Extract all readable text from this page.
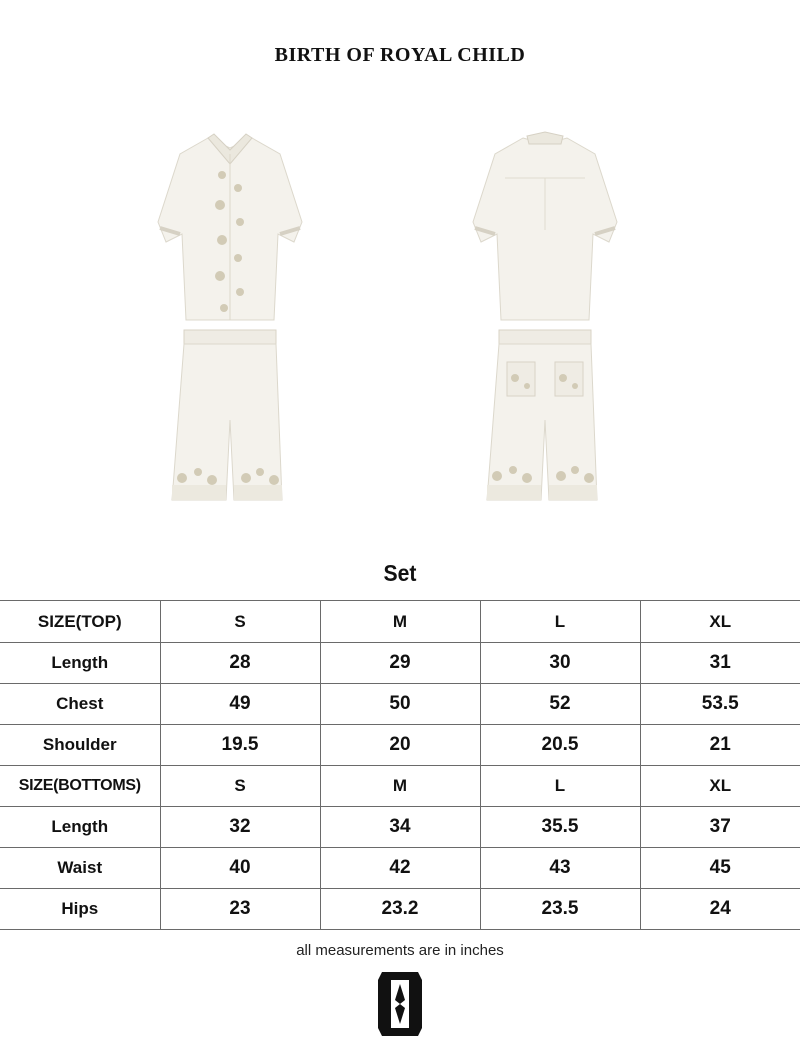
BIRTH OF ROYAL CHILD
Set
SIZE(TOP)	S	M	L	XL
Length	28	29	30	31
Chest	49	50	52	53.5
Shoulder	19.5	20	20.5	21
SIZE(BOTTOMS)	S	M	L	XL
Length	32	34	35.5	37
Waist	40	42	43	45
Hips	23	23.2	23.5	24
all measurements are in inches
